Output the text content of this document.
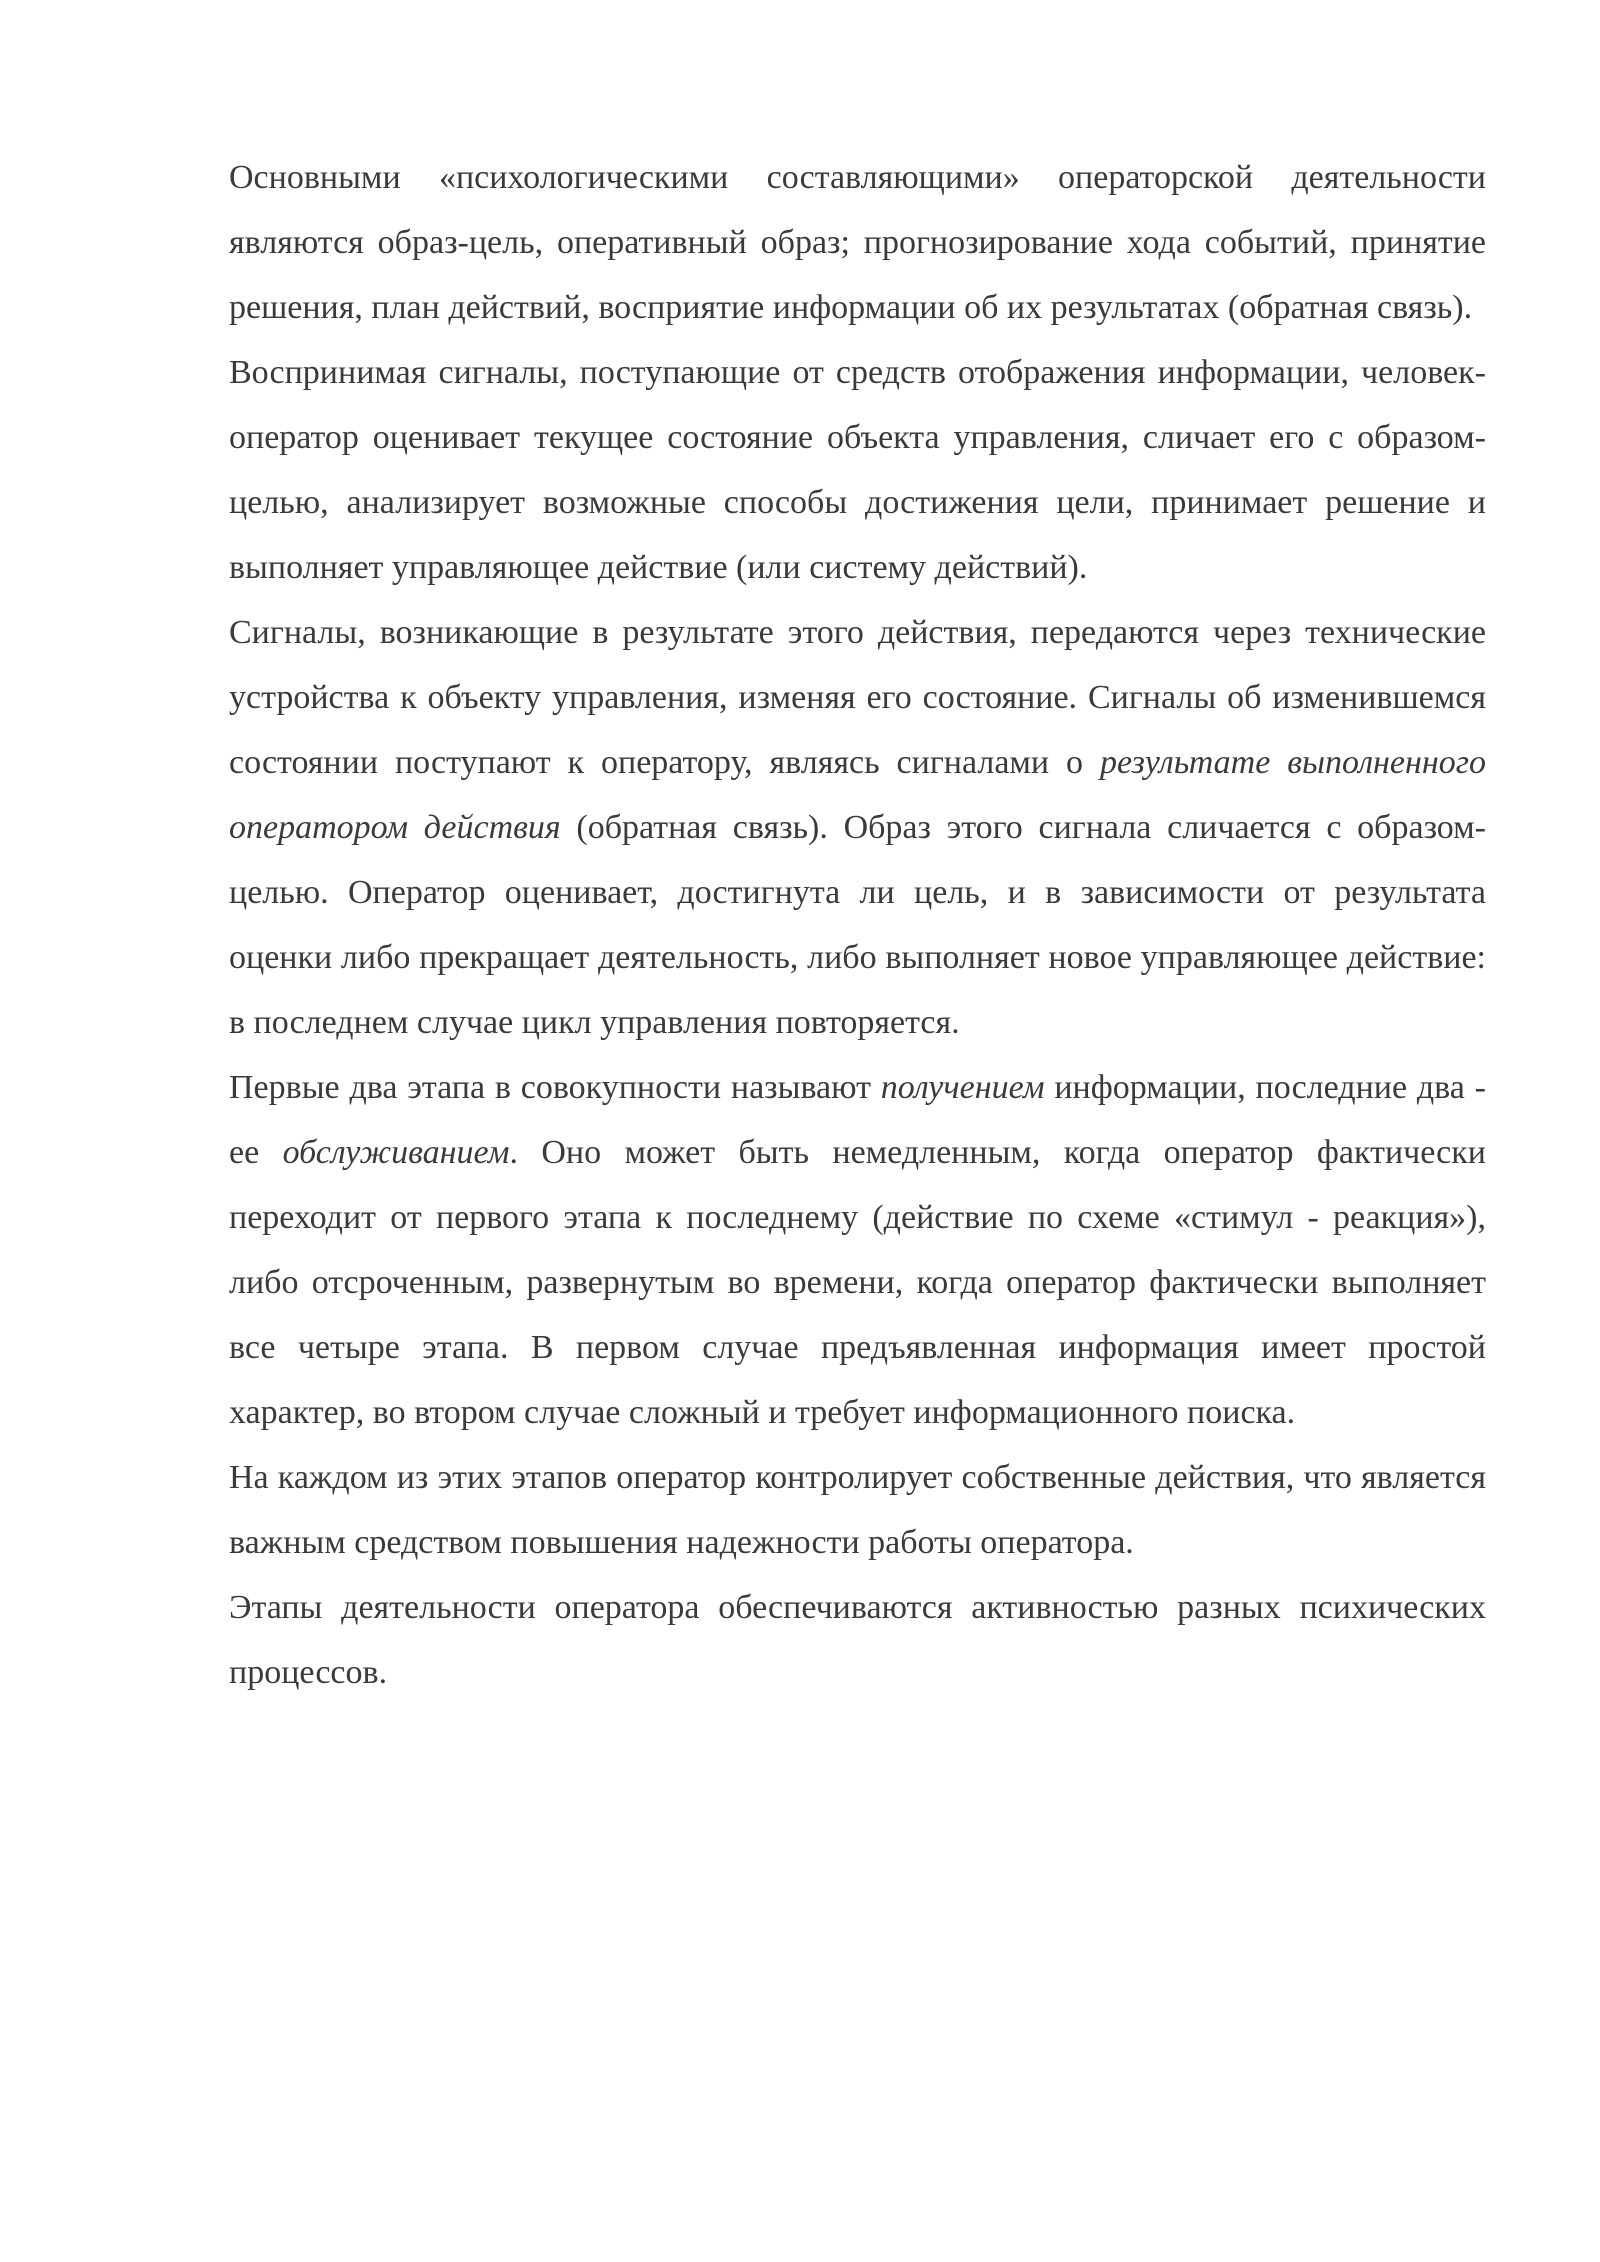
Основными «психологическими составляющими» операторской деятельности являются образ-цель, оперативный образ; прогнозирование хода событий, принятие решения, план действий, восприятие информации об их результатах (обратная связь).

Воспринимая сигналы, поступающие от средств отображения информации, человек-оператор оценивает текущее состояние объекта управления, сличает его с образом-целью, анализирует возможные способы достижения цели, принимает решение и выполняет управляющее действие (или систему действий).

Сигналы, возникающие в результате этого действия, передаются через технические устройства к объекту управления, изменяя его состояние. Сигналы об изменившемся состоянии поступают к оператору, являясь сигналами о результате выполненного оператором действия (обратная связь). Образ этого сигнала сличается с образом-целью. Оператор оценивает, достигнута ли цель, и в зависимости от результата оценки либо прекращает деятельность, либо выполняет новое управляющее действие: в последнем случае цикл управления повторяется.

Первые два этапа в совокупности называют получением информации, последние два - ее обслуживанием. Оно может быть немедленным, когда оператор фактически переходит от первого этапа к последнему (действие по схеме «стимул - реакция»), либо отсроченным, развернутым во времени, когда оператор фактически выполняет все четыре этапа. В первом случае предъявленная информация имеет простой характер, во втором случае сложный и требует информационного поиска.

На каждом из этих этапов оператор контролирует собственные действия, что является важным средством повышения надежности работы оператора.

Этапы деятельности оператора обеспечиваются активностью разных психических процессов.
